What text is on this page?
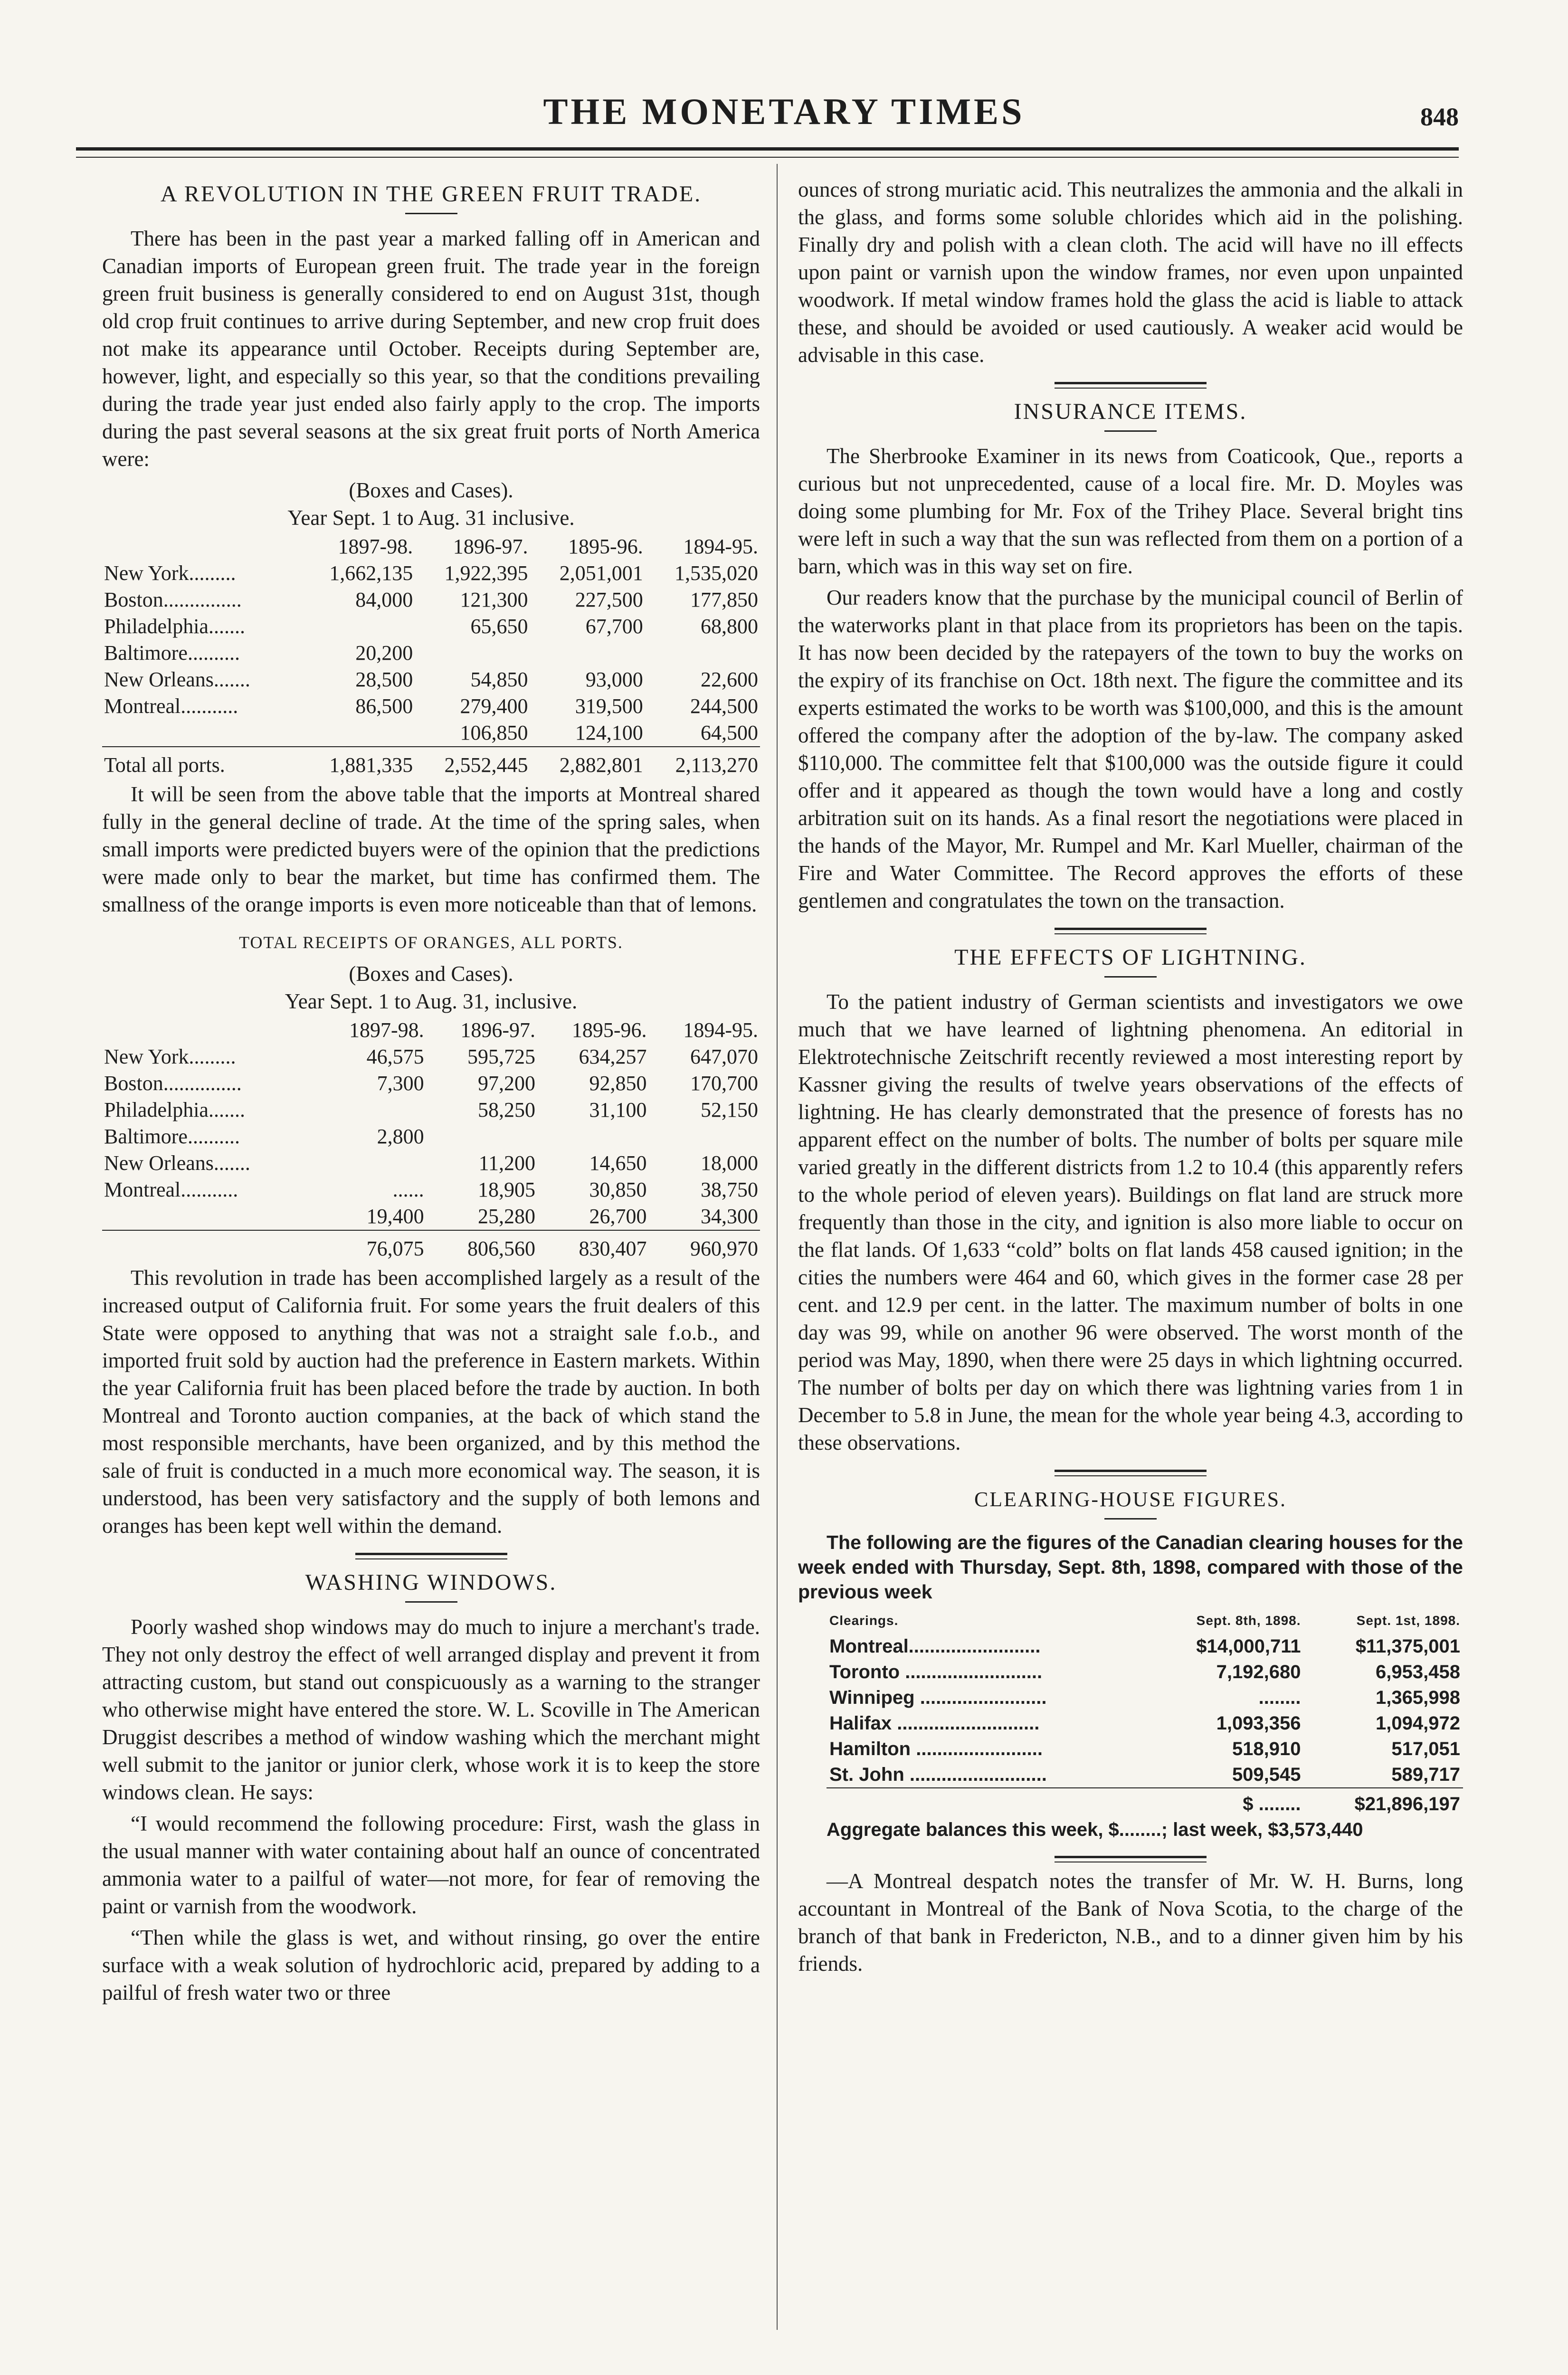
THE MONETARY TIMES	848
A REVOLUTION IN THE GREEN FRUIT TRADE.

There has been in the past year a marked falling off in American and Canadian imports of European green fruit. The trade year in the foreign green fruit business is generally considered to end on August 31st, though old crop fruit continues to arrive during September, and new crop fruit does not make its appearance until October. Receipts during September are, however, light, and especially so this year, so that the conditions prevailing during the trade year just ended also fairly apply to the crop. The imports during the past several seasons at the six great fruit ports of North America were:

(Boxes and Cases).
Year Sept. 1 to Aug. 31 inclusive.
	1897-98.	1896-97.	1895-96.	1894-95.
New York.........	1,662,135	1,922,395	2,051,001	1,535,020
Boston...............	84,000	121,300	227,500	177,850
Philadelphia.......		65,650	67,700	68,800
Baltimore..........	20,200			
New Orleans.......	28,500	54,850	93,000	22,600
Montreal...........	86,500	279,400	319,500	244,500
		106,850	124,100	64,500
Total all ports.	1,881,335	2,552,445	2,882,801	2,113,270

It will be seen from the above table that the imports at Montreal shared fully in the general decline of trade. At the time of the spring sales, when small imports were predicted buyers were of the opinion that the predictions were made only to bear the market, but time has confirmed them. The smallness of the orange imports is even more noticeable than that of lemons.

TOTAL RECEIPTS OF ORANGES, ALL PORTS.
(Boxes and Cases).
Year Sept. 1 to Aug. 31, inclusive.
	1897-98.	1896-97.	1895-96.	1894-95.
New York.........	46,575	595,725	634,257	647,070
Boston...............	7,300	97,200	92,850	170,700
Philadelphia.......		58,250	31,100	52,150
Baltimore..........	2,800			
New Orleans.......		11,200	14,650	18,000
Montreal...........	......	18,905	30,850	38,750
	19,400	25,280	26,700	34,300
	76,075	806,560	830,407	960,970

This revolution in trade has been accomplished largely as a result of the increased output of California fruit. For some years the fruit dealers of this State were opposed to anything that was not a straight sale f.o.b., and imported fruit sold by auction had the preference in Eastern markets. Within the year California fruit has been placed before the trade by auction. In both Montreal and Toronto auction companies, at the back of which stand the most responsible merchants, have been organized, and by this method the sale of fruit is conducted in a much more economical way. The season, it is understood, has been very satisfactory and the supply of both lemons and oranges has been kept well within the demand.

WASHING WINDOWS.

Poorly washed shop windows may do much to injure a merchant's trade. They not only destroy the effect of well arranged display and prevent it from attracting custom, but stand out conspicuously as a warning to the stranger who otherwise might have entered the store. W. L. Scoville in The American Druggist describes a method of window washing which the merchant might well submit to the janitor or junior clerk, whose work it is to keep the store windows clean. He says:

“I would recommend the following procedure: First, wash the glass in the usual manner with water containing about half an ounce of concentrated ammonia water to a pailful of water—not more, for fear of removing the paint or varnish from the woodwork.

“Then while the glass is wet, and without rinsing, go over the entire surface with a weak solution of hydrochloric acid, prepared by adding to a pailful of fresh water two or three

ounces of strong muriatic acid. This neutralizes the ammonia and the alkali in the glass, and forms some soluble chlorides which aid in the polishing. Finally dry and polish with a clean cloth. The acid will have no ill effects upon paint or varnish upon the window frames, nor even upon unpainted woodwork. If metal window frames hold the glass the acid is liable to attack these, and should be avoided or used cautiously. A weaker acid would be advisable in this case.

INSURANCE ITEMS.

The Sherbrooke Examiner in its news from Coaticook, Que., reports a curious but not unprecedented, cause of a local fire. Mr. D. Moyles was doing some plumbing for Mr. Fox of the Trihey Place. Several bright tins were left in such a way that the sun was reflected from them on a portion of a barn, which was in this way set on fire.

Our readers know that the purchase by the municipal council of Berlin of the waterworks plant in that place from its proprietors has been on the tapis. It has now been decided by the ratepayers of the town to buy the works on the expiry of its franchise on Oct. 18th next. The figure the committee and its experts estimated the works to be worth was $100,000, and this is the amount offered the company after the adoption of the by-law. The company asked $110,000. The committee felt that $100,000 was the outside figure it could offer and it appeared as though the town would have a long and costly arbitration suit on its hands. As a final resort the negotiations were placed in the hands of the Mayor, Mr. Rumpel and Mr. Karl Mueller, chairman of the Fire and Water Committee. The Record approves the efforts of these gentlemen and congratulates the town on the transaction.

THE EFFECTS OF LIGHTNING.

To the patient industry of German scientists and investigators we owe much that we have learned of lightning phenomena. An editorial in Elektrotechnische Zeitschrift recently reviewed a most interesting report by Kassner giving the results of twelve years observations of the effects of lightning. He has clearly demonstrated that the presence of forests has no apparent effect on the number of bolts. The number of bolts per square mile varied greatly in the different districts from 1.2 to 10.4 (this apparently refers to the whole period of eleven years). Buildings on flat land are struck more frequently than those in the city, and ignition is also more liable to occur on the flat lands. Of 1,633 “cold” bolts on flat lands 458 caused ignition; in the cities the numbers were 464 and 60, which gives in the former case 28 per cent. and 12.9 per cent. in the latter. The maximum number of bolts in one day was 99, while on another 96 were observed. The worst month of the period was May, 1890, when there were 25 days in which lightning occurred. The number of bolts per day on which there was lightning varies from 1 in December to 5.8 in June, the mean for the whole year being 4.3, according to these observations.

CLEARING-HOUSE FIGURES.

The following are the figures of the Canadian clearing houses for the week ended with Thursday, Sept. 8th, 1898, compared with those of the previous week

Clearings.	Sept. 8th, 1898.	Sept. 1st, 1898.
Montreal.........................	$14,000,711	$11,375,001
Toronto ..........................	7,192,680	6,953,458
Winnipeg ........................	........	1,365,998
Halifax ...........................	1,093,356	1,094,972
Hamilton ........................	518,910	517,051
St. John ..........................	509,545	589,717
	$ ........	$21,896,197
Aggregate balances this week, $........; last week, $3,573,440

—A Montreal despatch notes the transfer of Mr. W. H. Burns, long accountant in Montreal of the Bank of Nova Scotia, to the charge of the branch of that bank in Fredericton, N.B., and to a dinner given him by his friends.
